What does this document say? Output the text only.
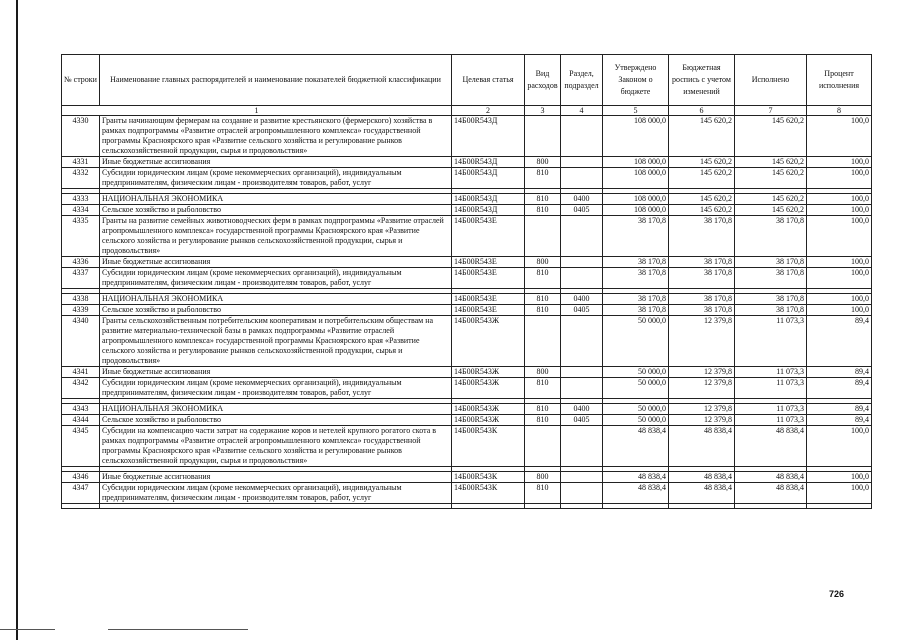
№ строки	Наименование главных распорядителей и наименование показателей бюджетной классификации	Целевая статья	Вид расходов	Раздел, подраздел	Утверждено Законом о бюджете	Бюджетная роспись с учетом изменений	Исполнено	Процент исполнения
1		2	3	4	5	6	7	8
4330	Гранты начинающим фермерам на создание и развитие крестьянского (фермерского) хозяйства в рамках подпрограммы «Развитие отраслей агропромышленного комплекса» государственной программы Красноярского края «Развитие сельского хозяйства и регулирование рынков сельскохозяйственной продукции, сырья и продовольствия»	14Б00R543Д			108 000,0	145 620,2	145 620,2	100,0
4331	Иные бюджетные ассигнования	14Б00R543Д	800		108 000,0	145 620,2	145 620,2	100,0
4332	Субсидии юридическим лицам (кроме некоммерческих организаций), индивидуальным предпринимателям, физическим лицам - производителям товаров, работ, услуг	14Б00R543Д	810		108 000,0	145 620,2	145 620,2	100,0

4333	НАЦИОНАЛЬНАЯ ЭКОНОМИКА	14Б00R543Д	810	0400	108 000,0	145 620,2	145 620,2	100,0
4334	Сельское хозяйство и рыболовство	14Б00R543Д	810	0405	108 000,0	145 620,2	145 620,2	100,0
4335	Гранты на развитие семейных животноводческих ферм в рамках подпрограммы «Развитие отраслей агропромышленного комплекса» государственной программы Красноярского края «Развитие сельского хозяйства и регулирование рынков сельскохозяйственной продукции, сырья и продовольствия»	14Б00R543Е			38 170,8	38 170,8	38 170,8	100,0
4336	Иные бюджетные ассигнования	14Б00R543Е	800		38 170,8	38 170,8	38 170,8	100,0
4337	Субсидии юридическим лицам (кроме некоммерческих организаций), индивидуальным предпринимателям, физическим лицам - производителям товаров, работ, услуг	14Б00R543Е	810		38 170,8	38 170,8	38 170,8	100,0

4338	НАЦИОНАЛЬНАЯ ЭКОНОМИКА	14Б00R543Е	810	0400	38 170,8	38 170,8	38 170,8	100,0
4339	Сельское хозяйство и рыболовство	14Б00R543Е	810	0405	38 170,8	38 170,8	38 170,8	100,0
4340	Гранты сельскохозяйственным потребительским кооперативам и потребительским обществам на развитие материально-технической базы в рамках подпрограммы «Развитие отраслей агропромышленного комплекса» государственной программы Красноярского края «Развитие сельского хозяйства и регулирование рынков сельскохозяйственной продукции, сырья и продовольствия»	14Б00R543Ж			50 000,0	12 379,8	11 073,3	89,4
4341	Иные бюджетные ассигнования	14Б00R543Ж	800		50 000,0	12 379,8	11 073,3	89,4
4342	Субсидии юридическим лицам (кроме некоммерческих организаций), индивидуальным предпринимателям, физическим лицам - производителям товаров, работ, услуг	14Б00R543Ж	810		50 000,0	12 379,8	11 073,3	89,4

4343	НАЦИОНАЛЬНАЯ ЭКОНОМИКА	14Б00R543Ж	810	0400	50 000,0	12 379,8	11 073,3	89,4
4344	Сельское хозяйство и рыболовство	14Б00R543Ж	810	0405	50 000,0	12 379,8	11 073,3	89,4
4345	Субсидии на компенсацию части затрат на содержание коров и нетелей крупного рогатого скота в рамках подпрограммы «Развитие отраслей агропромышленного комплекса» государственной программы Красноярского края «Развитие сельского хозяйства и регулирование рынков сельскохозяйственной продукции, сырья и продовольствия»	14Б00R543К			48 838,4	48 838,4	48 838,4	100,0

4346	Иные бюджетные ассигнования	14Б00R543К	800		48 838,4	48 838,4	48 838,4	100,0
4347	Субсидии юридическим лицам (кроме некоммерческих организаций), индивидуальным предпринимателям, физическим лицам - производителям товаров, работ, услуг	14Б00R543К	810		48 838,4	48 838,4	48 838,4	100,0

726
